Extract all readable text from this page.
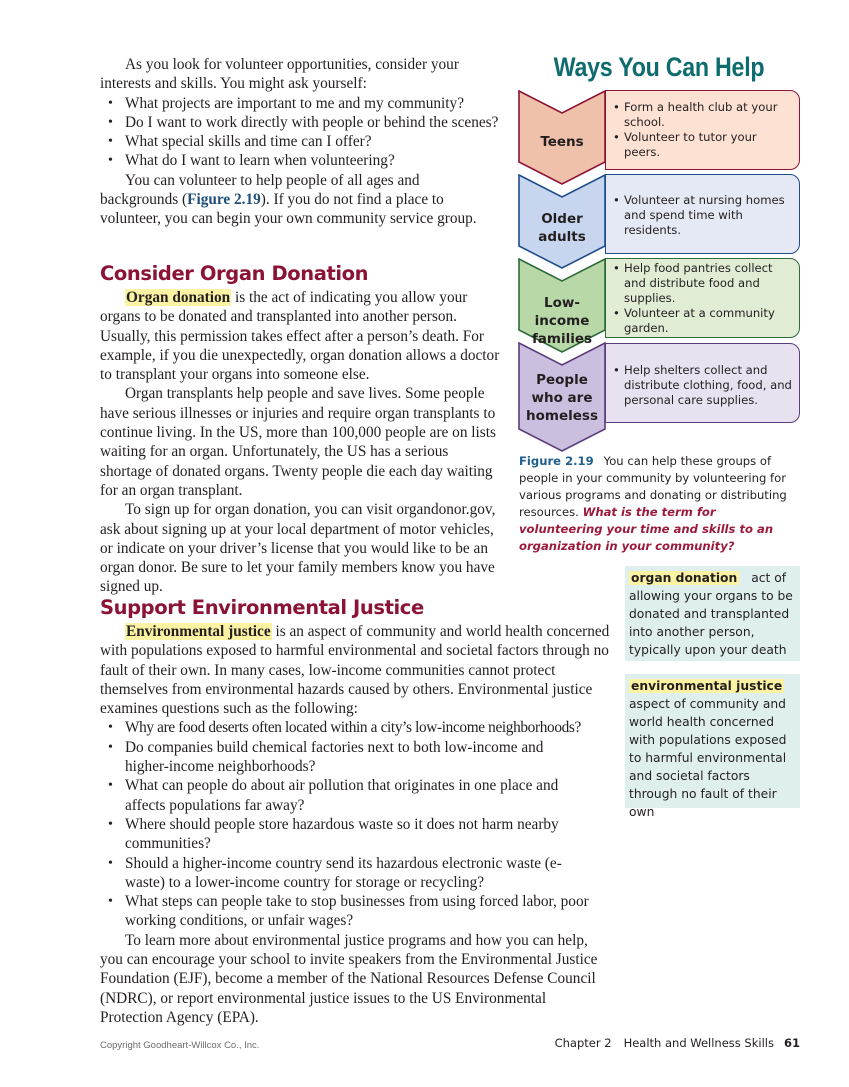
As you look for volunteer opportunities, consider your interests and skills. You might ask yourself:

• What projects are important to me and my community?
• Do I want to work directly with people or behind the scenes?
• What special skills and time can I offer?
• What do I want to learn when volunteering?

You can volunteer to help people of all ages and backgrounds (Figure 2.19). If you do not find a place to volunteer, you can begin your own community service group.

Consider Organ Donation

Organ donation is the act of indicating you allow your organs to be donated and transplanted into another person. Usually, this permission takes effect after a person’s death. For example, if you die unexpectedly, organ donation allows a doctor to transplant your organs into someone else.

Organ transplants help people and save lives. Some people have serious illnesses or injuries and require organ transplants to continue living. In the US, more than 100,000 people are on lists waiting for an organ. Unfortunately, the US has a serious shortage of donated organs. Twenty people die each day waiting for an organ transplant.

To sign up for organ donation, you can visit organdonor.gov, ask about signing up at your local department of motor vehicles, or indicate on your driver’s license that you would like to be an organ donor. Be sure to let your family members know you have signed up.

Support Environmental Justice

Environmental justice is an aspect of community and world health concerned with populations exposed to harmful environmental and societal factors through no fault of their own. In many cases, low-income communities cannot protect themselves from environmental hazards caused by others. Environmental justice examines questions such as the following:

• Why are food deserts often located within a city’s low-income neighborhoods?
• Do companies build chemical factories next to both low-income and higher-income neighborhoods?
• What can people do about air pollution that originates in one place and affects populations far away?
• Where should people store hazardous waste so it does not harm nearby communities?
• Should a higher-income country send its hazardous electronic waste (e-waste) to a lower-income country for storage or recycling?
• What steps can people take to stop businesses from using forced labor, poor working conditions, or unfair wages?

To learn more about environmental justice programs and how you can help, you can encourage your school to invite speakers from the Environmental Justice Foundation (EJF), become a member of the National Resources Defense Council (NDRC), or report environmental justice issues to the US Environmental Protection Agency (EPA).

Ways You Can Help
Teens
• Form a health club at your school.
• Volunteer to tutor your peers.
Older
adults
• Volunteer at nursing homes and spend time with residents.
Low-income
families
• Help food pantries collect and distribute food and supplies.
• Volunteer at a community garden.
People
who are
homeless
• Help shelters collect and distribute clothing, food, and personal care supplies.
Figure 2.19 You can help these groups of people in your community by volunteering for various programs and donating or distributing resources. What is the term for volunteering your time and skills to an organization in your community?
organ donation act of allowing your organs to be donated and transplanted into another person, typically upon your death
environmental justice
aspect of community and world health concerned with populations exposed to harmful environmental and societal factors through no fault of their own
Copyright Goodheart-Willcox Co., Inc.	Chapter 2 Health and Wellness Skills 61
